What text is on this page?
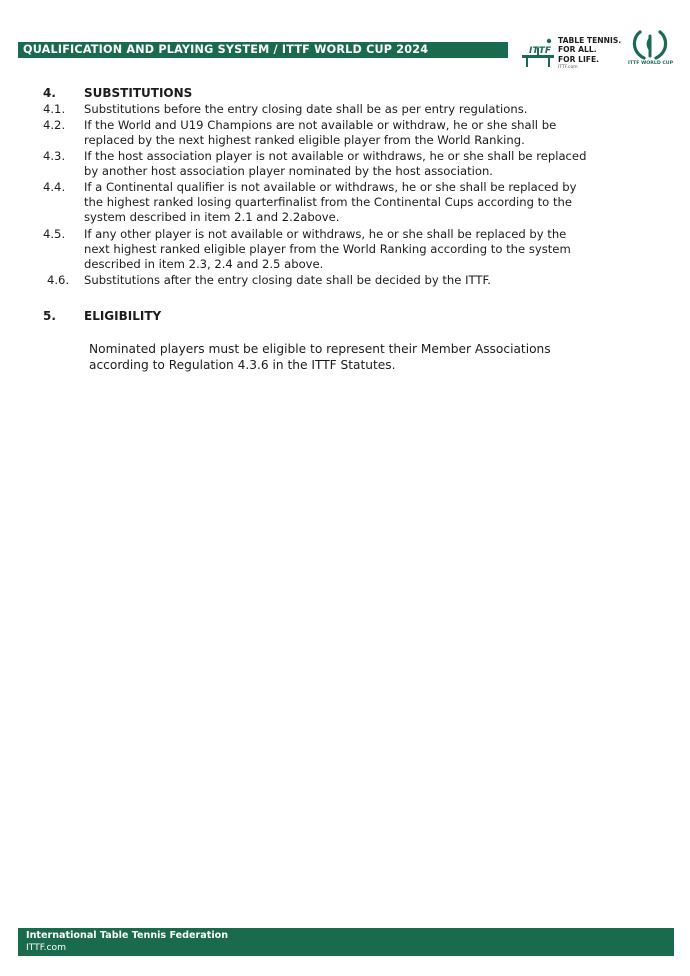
QUALIFICATION AND PLAYING SYSTEM / ITTF WORLD CUP 2024	ITTF
TABLE TENNIS.
FOR ALL.
FOR LIFE.
ITTF.com
ITTF WORLD CUP
4. SUBSTITUTIONS
4.1. Substitutions before the entry closing date shall be as per entry regulations.
4.2. If the World and U19 Champions are not available or withdraw, he or she shall be
replaced by the next highest ranked eligible player from the World Ranking.
4.3. If the host association player is not available or withdraws, he or she shall be replaced
by another host association player nominated by the host association.
4.4. If a Continental qualifier is not available or withdraws, he or she shall be replaced by
the highest ranked losing quarterfinalist from the Continental Cups according to the
system described in item 2.1 and 2.2above.
4.5. If any other player is not available or withdraws, he or she shall be replaced by the
next highest ranked eligible player from the World Ranking according to the system
described in item 2.3, 2.4 and 2.5 above.
4.6. Substitutions after the entry closing date shall be decided by the ITTF.
5. ELIGIBILITY
Nominated players must be eligible to represent their Member Associations
according to Regulation 4.3.6 in the ITTF Statutes.
International Table Tennis Federation
ITTF.com
